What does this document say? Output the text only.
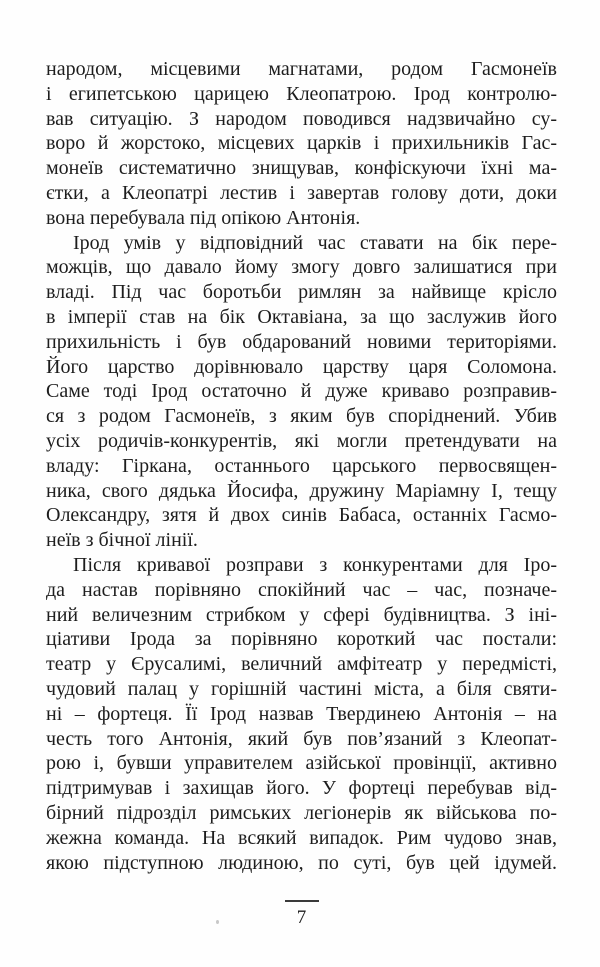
народом, місцевими магнатами, родом Гасмонеїв
і египетською царицею Клеопатрою. Ірод контролю-
вав ситуацію. З народом поводився надзвичайно су-
воро й жорстоко, місцевих царків і прихильників Гас-
монеїв систематично знищував, конфіскуючи їхні ма-
єтки, а Клеопатрі лестив і завертав голову доти, доки
вона перебувала під опікою Антонія.

Ірод умів у відповідний час ставати на бік пере-
можців, що давало йому змогу довго залишатися при
владі. Під час боротьби римлян за найвище крісло
в імперії став на бік Октавіана, за що заслужив його
прихильність і був обдарований новими територіями.
Його царство дорівнювало царству царя Соломона.
Саме тоді Ірод остаточно й дуже криваво розправив-
ся з родом Гасмонеїв, з яким був споріднений. Убив
усіх родичів-конкурентів, які могли претендувати на
владу: Гіркана, останнього царського первосвящен-
ника, свого дядька Йосифа, дружину Маріамну I, тещу
Олександру, зятя й двох синів Бабаса, останніх Гасмо-
неїв з бічної лінії.

Після кривавої розправи з конкурентами для Іро-
да настав порівняно спокійний час – час, позначе-
ний величезним стрибком у сфері будівництва. З іні-
ціативи Ірода за порівняно короткий час постали:
театр у Єрусалимі, величний амфітеатр у передмісті,
чудовий палац у горішній частині міста, а біля святи-
ні – фортеця. Її Ірод назвав Твердинею Антонія – на
честь того Антонія, який був пов’язаний з Клеопат-
рою і, бувши управителем азійської провінції, активно
підтримував і захищав його. У фортеці перебував від-
бірний підрозділ римських легіонерів як військова по-
жежна команда. На всякий випадок. Рим чудово знав,
якою підступною людиною, по суті, був цей ідумей.

7
